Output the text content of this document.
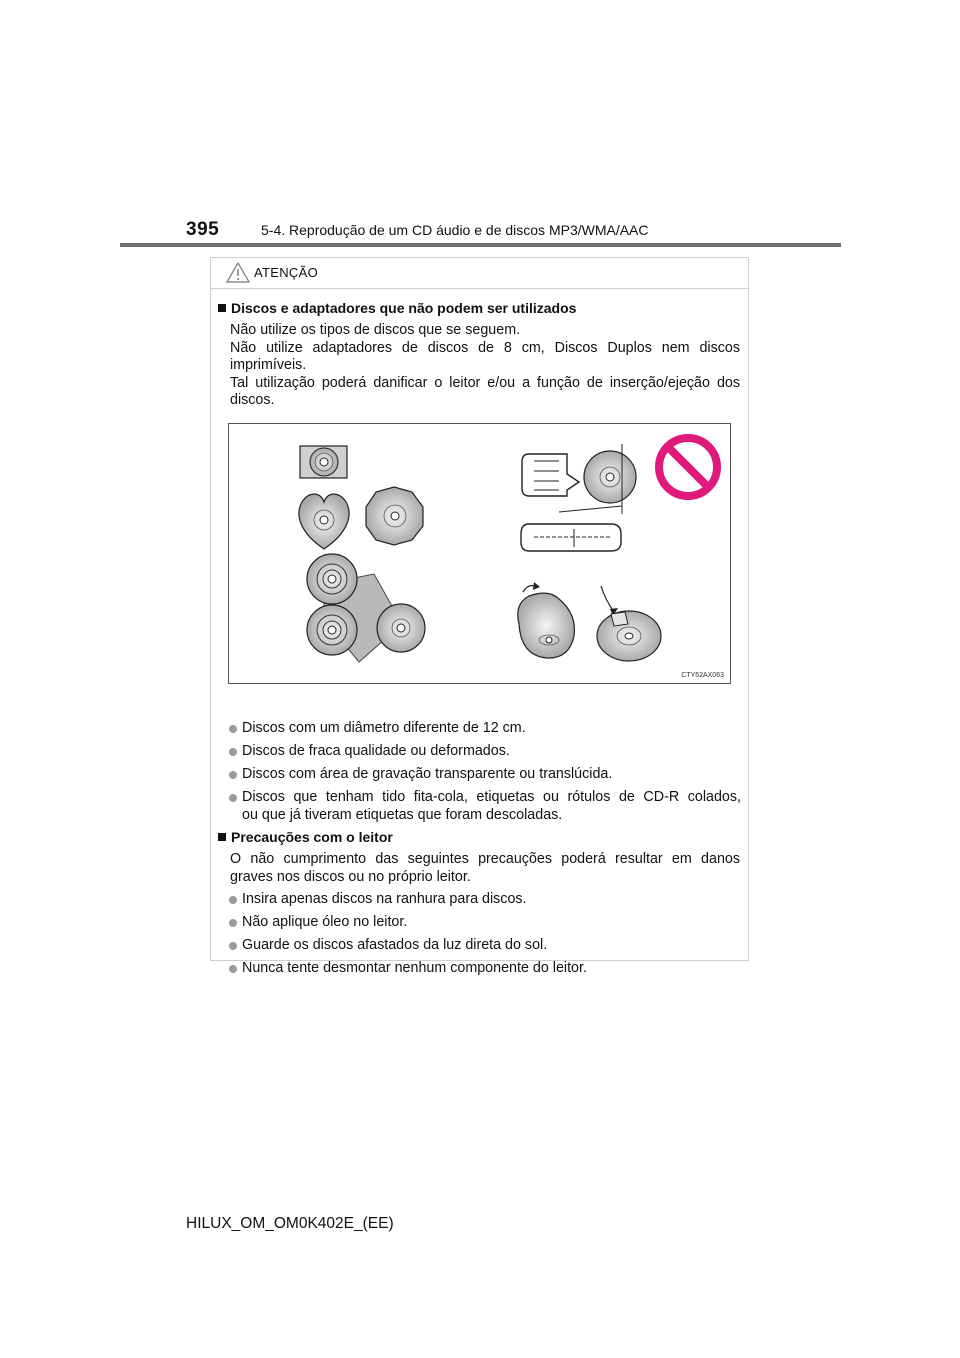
395	5-4. Reprodução de um CD áudio e de discos MP3/WMA/AAC
ATENÇÃO
Discos e adaptadores que não podem ser utilizados
Não utilize os tipos de discos que se seguem.
Não utilize adaptadores de discos de 8 cm, Discos Duplos nem discos
imprimíveis.
Tal utilização poderá danificar o leitor e/ou a função de inserção/ejeção dos
discos.
Discos com um diâmetro diferente de 12 cm.
Discos de fraca qualidade ou deformados.
Discos com área de gravação transparente ou translúcida.
Discos que tenham tido fita-cola, etiquetas ou rótulos de CD-R colados,
ou que já tiveram etiquetas que foram descoladas.
Precauções com o leitor
O não cumprimento das seguintes precauções poderá resultar em danos
graves nos discos ou no próprio leitor.
Insira apenas discos na ranhura para discos.
Não aplique óleo no leitor.
Guarde os discos afastados da luz direta do sol.
Nunca tente desmontar nenhum componente do leitor.
CTY52AX063
HILUX_OM_OM0K402E_(EE)
